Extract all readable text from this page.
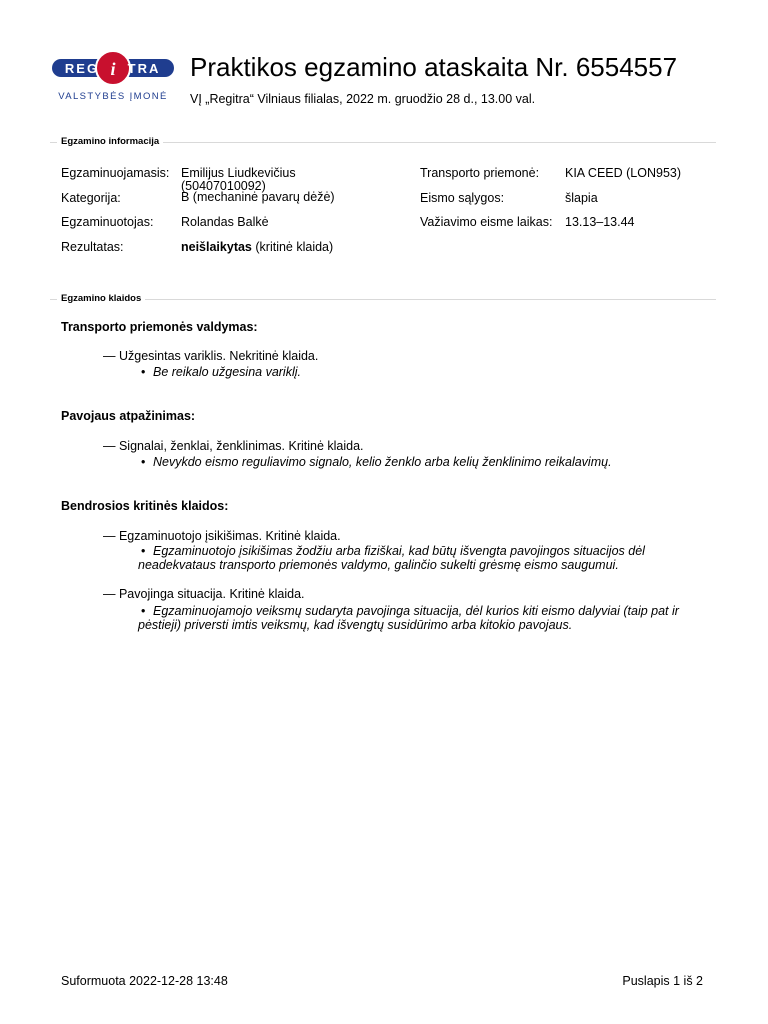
REG i TRA
VALSTYBĖS ĮMONĖ
Praktikos egzamino ataskaita Nr. 6554557
VĮ „Regitra“ Vilniaus filialas, 2022 m. gruodžio 28 d., 13.00 val.
Egzamino informacija
Egzaminuojamasis: Emilijus Liudkevičius
(50407010092)
Kategorija:	B (mechaninė pavarų dėžė)
Egzaminuotojas: Rolandas Balkė
Rezultatas:	neišlaikytas (kritinė klaida)
Transporto priemonė: KIA CEED (LON953)
Eismo sąlygos:	šlapia
Važiavimo eisme laikas: 13.13–13.44
Egzamino klaidos
Transporto priemonės valdymas:
— Užgesintas variklis. Nekritinė klaida.
• Be reikalo užgesina variklį.
Pavojaus atpažinimas:
— Signalai, ženklai, ženklinimas. Kritinė klaida.
• Nevykdo eismo reguliavimo signalo, kelio ženklo arba kelių ženklinimo reikalavimų.
Bendrosios kritinės klaidos:
— Egzaminuotojo įsikišimas. Kritinė klaida.
• Egzaminuotojo įsikišimas žodžiu arba fiziškai, kad būtų išvengta pavojingos situacijos dėl
neadekvataus transporto priemonės valdymo, galinčio sukelti grėsmę eismo saugumui.
— Pavojinga situacija. Kritinė klaida.
• Egzaminuojamojo veiksmų sudaryta pavojinga situacija, dėl kurios kiti eismo dalyviai (taip pat ir
pėstieji) priversti imtis veiksmų, kad išvengtų susidūrimo arba kitokio pavojaus.
Suformuota 2022-12-28 13:48	Puslapis 1 iš 2
